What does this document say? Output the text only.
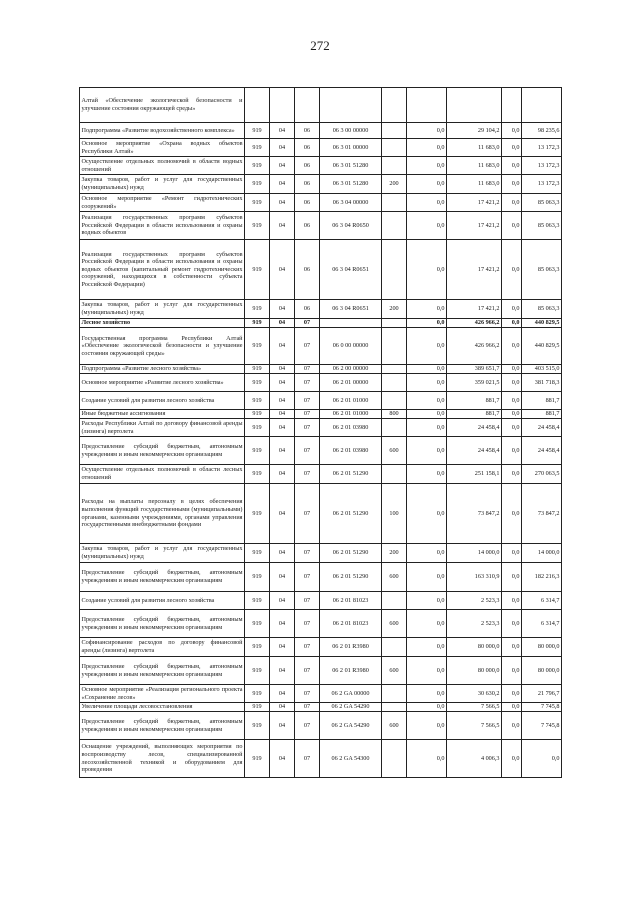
272
Алтай «Обеспечение экологической безопасности и улучшение состояния окружающей среды»									
Подпрограмма «Развитие водохозяйственного комплекса»	919	04	06	06 3 00 00000		0,0	29 104,2	0,0	98 235,6
Основное мероприятие «Охрана водных объектов Республики Алтай»	919	04	06	06 3 01 00000		0,0	11 683,0	0,0	13 172,3
Осуществление отдельных полномочий в области водных отношений	919	04	06	06 3 01 51280		0,0	11 683,0	0,0	13 172,3
Закупка товаров, работ и услуг для государственных (муниципальных) нужд	919	04	06	06 3 01 51280	200	0,0	11 683,0	0,0	13 172,3
Основное мероприятие «Ремонт гидротехнических сооружений»	919	04	06	06 3 04 00000		0,0	17 421,2	0,0	85 063,3
Реализация государственных программ субъектов Российской Федерации в области использования и охраны водных объектов	919	04	06	06 3 04 R0650		0,0	17 421,2	0,0	85 063,3
Реализация государственных программ субъектов Российской Федерации в области использования и охраны водных объектов (капитальный ремонт гидротехнических сооружений, находящихся в собственности субъекта Российской Федерации)	919	04	06	06 3 04 R0651		0,0	17 421,2	0,0	85 063,3
Закупка товаров, работ и услуг для государственных (муниципальных) нужд	919	04	06	06 3 04 R0651	200	0,0	17 421,2	0,0	85 063,3
Лесное хозяйство	919	04	07			0,0	426 966,2	0,0	440 829,5
Государственная программа Республики Алтай «Обеспечение экологической безопасности и улучшение состояния окружающей среды»	919	04	07	06 0 00 00000		0,0	426 966,2	0,0	440 829,5
Подпрограмма «Развитие лесного хозяйства»	919	04	07	06 2 00 00000		0,0	389 651,7	0,0	403 515,0
Основное мероприятие «Развитие лесного хозяйства»	919	04	07	06 2 01 00000		0,0	359 021,5	0,0	381 718,3
Создание условий для развития лесного хозяйства	919	04	07	06 2 01 01000		0,0	881,7	0,0	881,7
Иные бюджетные ассигнования	919	04	07	06 2 01 01000	800	0,0	881,7	0,0	881,7
Расходы Республики Алтай по договору финансовой аренды (лизинга) вертолета	919	04	07	06 2 01 03980		0,0	24 458,4	0,0	24 458,4
Предоставление субсидий бюджетным, автономным учреждениям и иным некоммерческим организациям	919	04	07	06 2 01 03980	600	0,0	24 458,4	0,0	24 458,4
Осуществление отдельных полномочий в области лесных отношений	919	04	07	06 2 01 51290		0,0	251 158,1	0,0	270 063,5
Расходы на выплаты персоналу в целях обеспечения выполнения функций государственными (муниципальными) органами, казенными учреждениями, органами управления государственными внебюджетными фондами	919	04	07	06 2 01 51290	100	0,0	73 847,2	0,0	73 847,2
Закупка товаров, работ и услуг для государственных (муниципальных) нужд	919	04	07	06 2 01 51290	200	0,0	14 000,0	0,0	14 000,0
Предоставление субсидий бюджетным, автономным учреждениям и иным некоммерческим организациям	919	04	07	06 2 01 51290	600	0,0	163 310,9	0,0	182 216,3
Создание условий для развития лесного хозяйства	919	04	07	06 2 01 81023		0,0	2 523,3	0,0	6 314,7
Предоставление субсидий бюджетным, автономным учреждениям и иным некоммерческим организациям	919	04	07	06 2 01 81023	600	0,0	2 523,3	0,0	6 314,7
Софинансирование расходов по договору финансовой аренды (лизинга) вертолета	919	04	07	06 2 01 R3980		0,0	80 000,0	0,0	80 000,0
Предоставление субсидий бюджетным, автономным учреждениям и иным некоммерческим организациям	919	04	07	06 2 01 R3980	600	0,0	80 000,0	0,0	80 000,0
Основное мероприятие «Реализация регионального проекта «Сохранение лесов»	919	04	07	06 2 GA 00000		0,0	30 630,2	0,0	21 796,7
Увеличение площади лесовосстановления	919	04	07	06 2 GA 54290		0,0	7 566,5	0,0	7 745,8
Предоставление субсидий бюджетным, автономным учреждениям и иным некоммерческим организациям	919	04	07	06 2 GA 54290	600	0,0	7 566,5	0,0	7 745,8
Оснащение учреждений, выполняющих мероприятия по воспроизводству лесов, специализированной лесохозяйственной техникой и оборудованием для проведения	919	04	07	06 2 GA 54300		0,0	4 006,3	0,0	0,0
